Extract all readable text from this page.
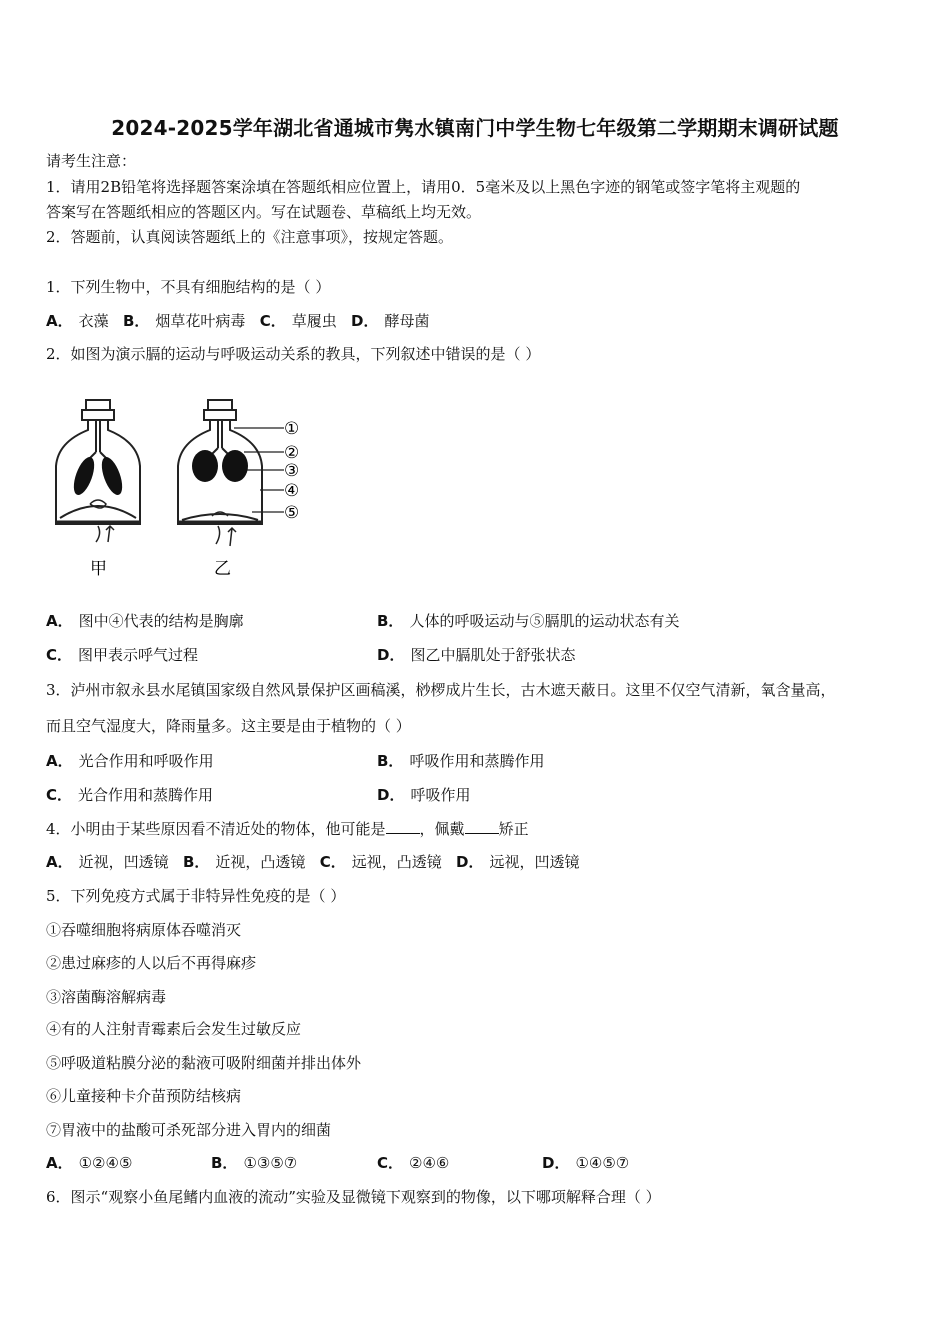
2024-2025学年湖北省通城市隽水镇南门中学生物七年级第二学期期末调研试题
请考生注意：
1．请用2B铅笔将选择题答案涂填在答题纸相应位置上，请用0．5毫米及以上黑色字迹的钢笔或签字笔将主观题的
答案写在答题纸相应的答题区内。写在试题卷、草稿纸上均无效。
2．答题前，认真阅读答题纸上的《注意事项》，按规定答题。
1．下列生物中，不具有细胞结构的是（ ）
A． 衣藻 B． 烟草花叶病毒 C． 草履虫 D． 酵母菌
2．如图为演示膈的运动与呼吸运动关系的教具，下列叙述中错误的是（ ）
①
②
③
④
⑤
甲	乙
A． 图中④代表的结构是胸廓	B． 人体的呼吸运动与⑤膈肌的运动状态有关
C． 图甲表示呼气过程	D． 图乙中膈肌处于舒张状态
3．泸州市叙永县水尾镇国家级自然风景保护区画稿溪，桫椤成片生长，古木遮天蔽日。这里不仅空气清新，氧含量高，
而且空气湿度大，降雨量多。这主要是由于植物的（ ）
A． 光合作用和呼吸作用	B． 呼吸作用和蒸腾作用
C． 光合作用和蒸腾作用	D． 呼吸作用
4．小明由于某些原因看不清近处的物体，他可能是 ，佩戴 矫正
A． 近视，凹透镜 B． 近视，凸透镜 C． 远视，凸透镜 D． 远视，凹透镜
5．下列免疫方式属于非特异性免疫的是（ ）
①吞噬细胞将病原体吞噬消灭
②患过麻疹的人以后不再得麻疹
③溶菌酶溶解病毒
④有的人注射青霉素后会发生过敏反应
⑤呼吸道粘膜分泌的黏液可吸附细菌并排出体外
⑥儿童接种卡介苗预防结核病
⑦胃液中的盐酸可杀死部分进入胃内的细菌
A． ①②④⑤	B． ①③⑤⑦	C． ②④⑥	D． ①④⑤⑦
6．图示“观察小鱼尾鳍内血液的流动”实验及显微镜下观察到的物像，以下哪项解释合理（ ）
